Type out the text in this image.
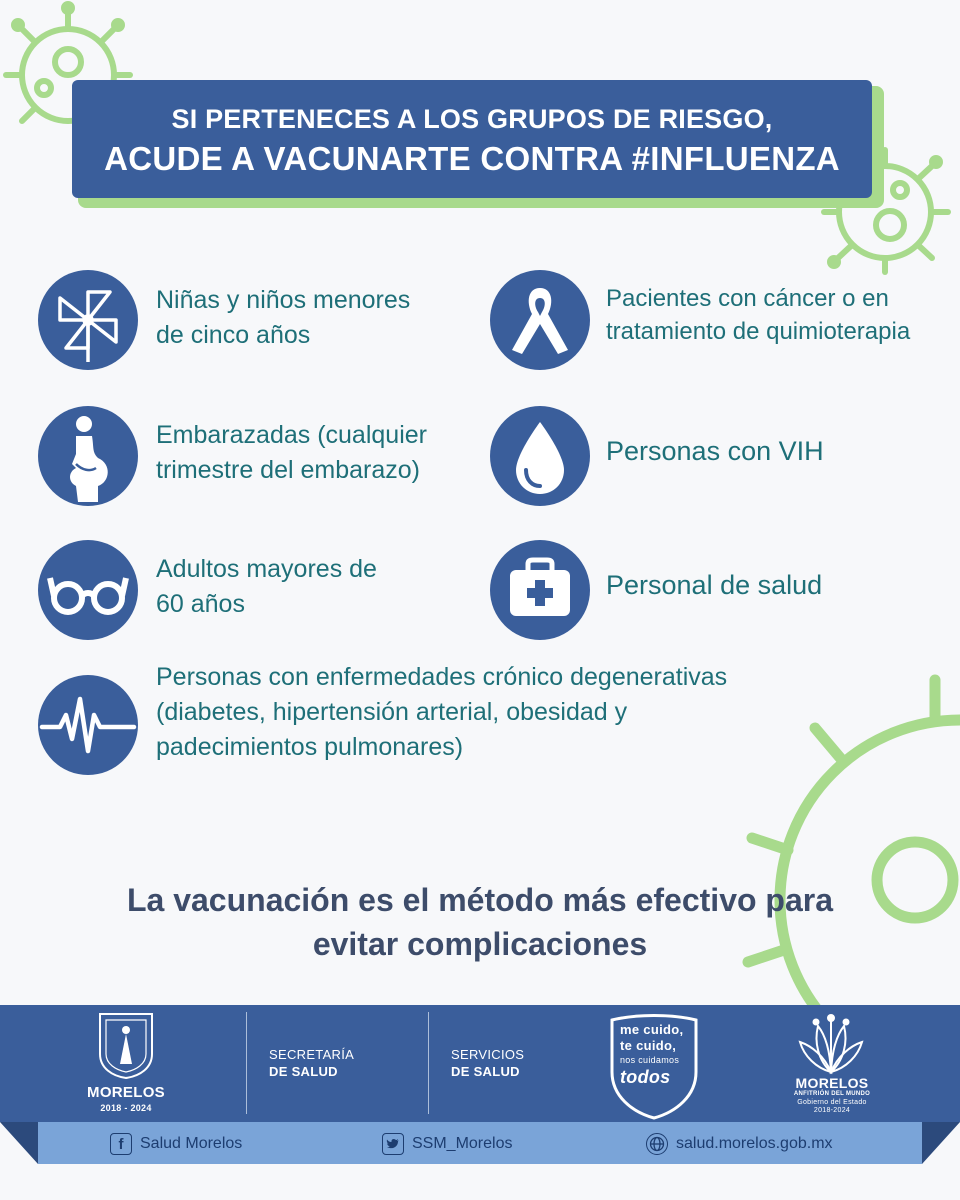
SI PERTENECES A LOS GRUPOS DE RIESGO,
ACUDE A VACUNARTE CONTRA #INFLUENZA
Niñas y niños menores
de cinco años
Pacientes con cáncer o en
tratamiento de quimioterapia
Embarazadas (cualquier
trimestre del embarazo)
Personas con VIH
Adultos mayores de
60 años
Personal de salud
Personas con enfermedades crónico degenerativas
(diabetes, hipertensión arterial, obesidad y
padecimientos pulmonares)
La vacunación es el método más efectivo para
evitar complicaciones
MORELOS
2018 - 2024
SECRETARÍA
DE SALUD
SERVICIOS
DE SALUD
me cuido,
te cuido,
nos cuidamos
todos	MORELOS
ANFITRIÓN DEL MUNDO
Gobierno del Estado
2018-2024
f	Salud Morelos	SSM_Morelos	salud.morelos.gob.mx
